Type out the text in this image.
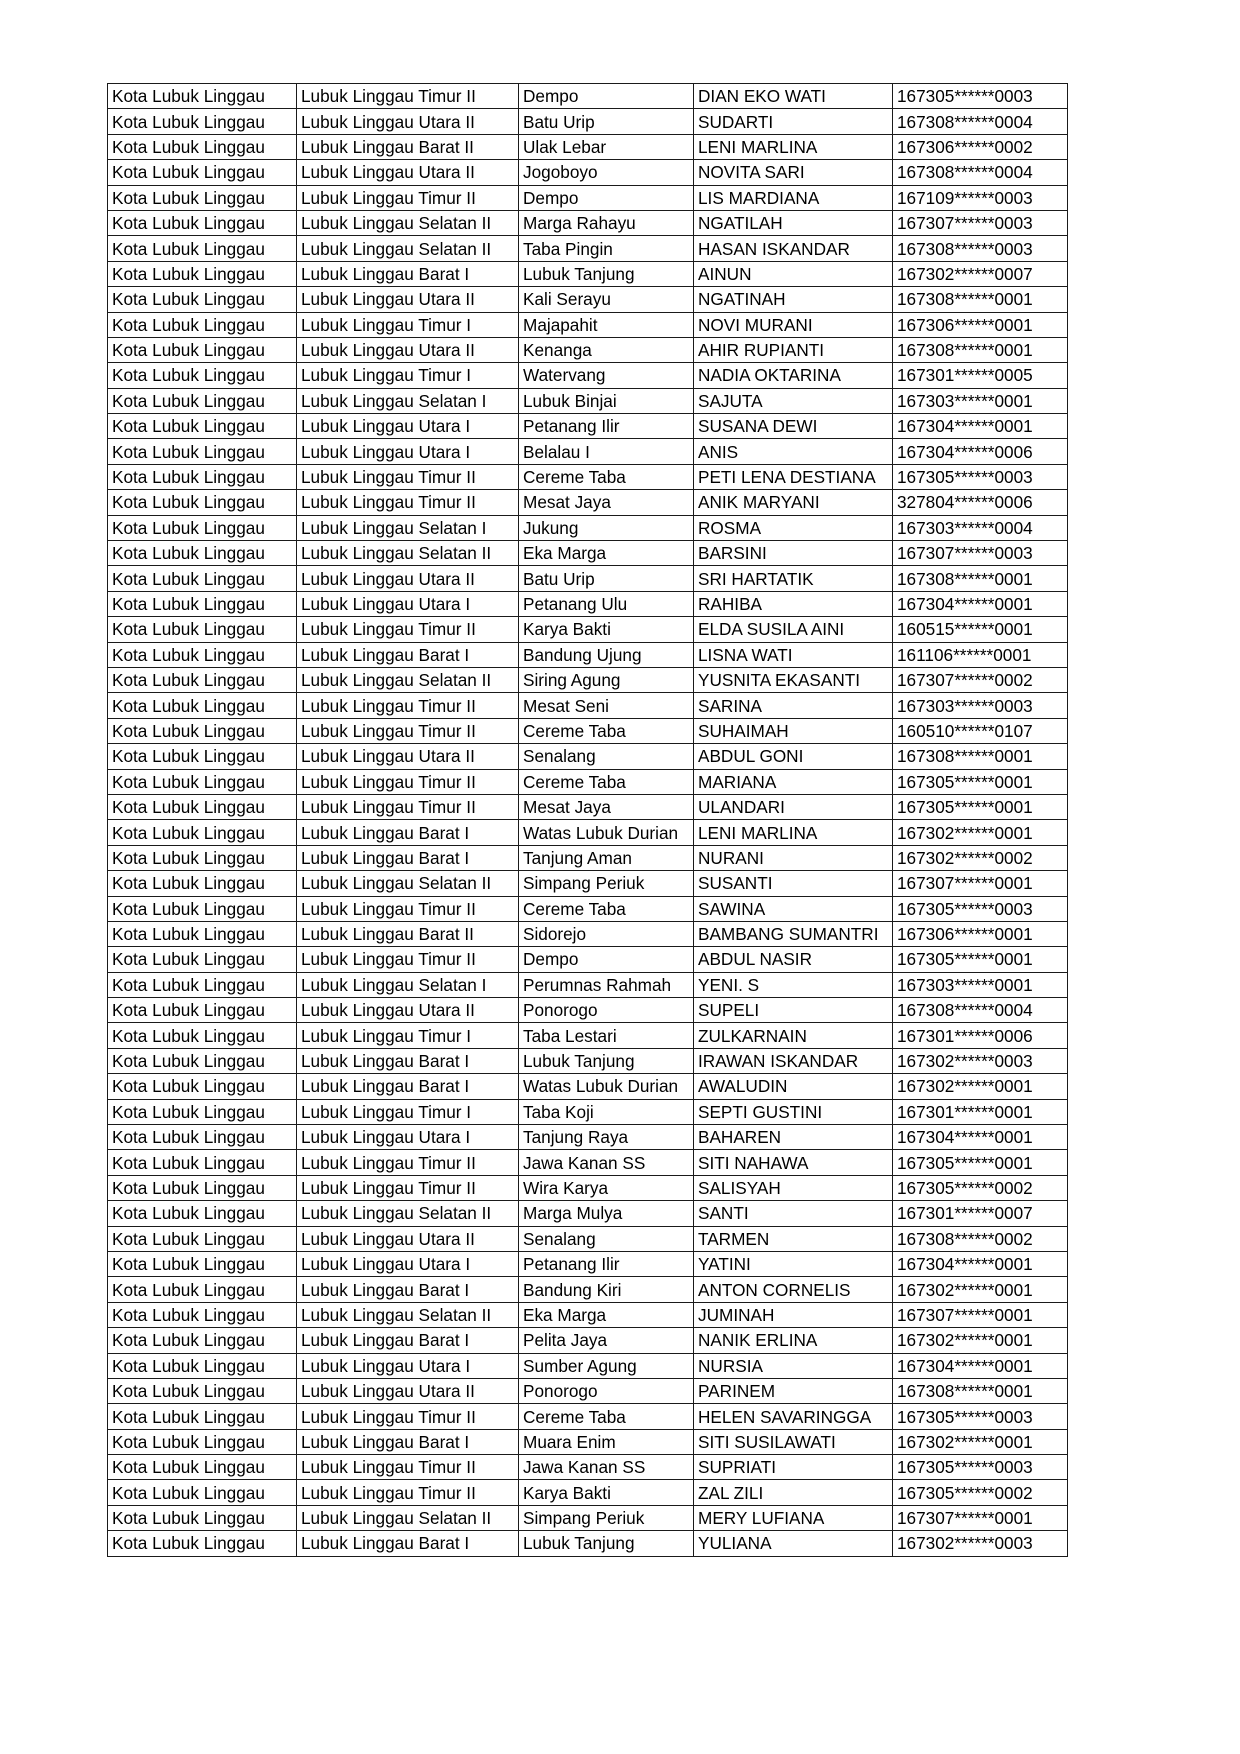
Kota Lubuk Linggau	Lubuk Linggau Timur II	Dempo	DIAN EKO WATI	167305******0003
Kota Lubuk Linggau	Lubuk Linggau Utara II	Batu Urip	SUDARTI	167308******0004
Kota Lubuk Linggau	Lubuk Linggau Barat II	Ulak Lebar	LENI MARLINA	167306******0002
Kota Lubuk Linggau	Lubuk Linggau Utara II	Jogoboyo	NOVITA SARI	167308******0004
Kota Lubuk Linggau	Lubuk Linggau Timur II	Dempo	LIS MARDIANA	167109******0003
Kota Lubuk Linggau	Lubuk Linggau Selatan II	Marga Rahayu	NGATILAH	167307******0003
Kota Lubuk Linggau	Lubuk Linggau Selatan II	Taba Pingin	HASAN ISKANDAR	167308******0003
Kota Lubuk Linggau	Lubuk Linggau Barat I	Lubuk Tanjung	AINUN	167302******0007
Kota Lubuk Linggau	Lubuk Linggau Utara II	Kali Serayu	NGATINAH	167308******0001
Kota Lubuk Linggau	Lubuk Linggau Timur I	Majapahit	NOVI MURANI	167306******0001
Kota Lubuk Linggau	Lubuk Linggau Utara II	Kenanga	AHIR RUPIANTI	167308******0001
Kota Lubuk Linggau	Lubuk Linggau Timur I	Watervang	NADIA OKTARINA	167301******0005
Kota Lubuk Linggau	Lubuk Linggau Selatan I	Lubuk Binjai	SAJUTA	167303******0001
Kota Lubuk Linggau	Lubuk Linggau Utara I	Petanang Ilir	SUSANA DEWI	167304******0001
Kota Lubuk Linggau	Lubuk Linggau Utara I	Belalau I	ANIS	167304******0006
Kota Lubuk Linggau	Lubuk Linggau Timur II	Cereme Taba	PETI LENA DESTIANA	167305******0003
Kota Lubuk Linggau	Lubuk Linggau Timur II	Mesat Jaya	ANIK MARYANI	327804******0006
Kota Lubuk Linggau	Lubuk Linggau Selatan I	Jukung	ROSMA	167303******0004
Kota Lubuk Linggau	Lubuk Linggau Selatan II	Eka Marga	BARSINI	167307******0003
Kota Lubuk Linggau	Lubuk Linggau Utara II	Batu Urip	SRI HARTATIK	167308******0001
Kota Lubuk Linggau	Lubuk Linggau Utara I	Petanang Ulu	RAHIBA	167304******0001
Kota Lubuk Linggau	Lubuk Linggau Timur II	Karya Bakti	ELDA SUSILA AINI	160515******0001
Kota Lubuk Linggau	Lubuk Linggau Barat I	Bandung Ujung	LISNA WATI	161106******0001
Kota Lubuk Linggau	Lubuk Linggau Selatan II	Siring Agung	YUSNITA EKASANTI	167307******0002
Kota Lubuk Linggau	Lubuk Linggau Timur II	Mesat Seni	SARINA	167303******0003
Kota Lubuk Linggau	Lubuk Linggau Timur II	Cereme Taba	SUHAIMAH	160510******0107
Kota Lubuk Linggau	Lubuk Linggau Utara II	Senalang	ABDUL GONI	167308******0001
Kota Lubuk Linggau	Lubuk Linggau Timur II	Cereme Taba	MARIANA	167305******0001
Kota Lubuk Linggau	Lubuk Linggau Timur II	Mesat Jaya	ULANDARI	167305******0001
Kota Lubuk Linggau	Lubuk Linggau Barat I	Watas Lubuk Durian	LENI MARLINA	167302******0001
Kota Lubuk Linggau	Lubuk Linggau Barat I	Tanjung Aman	NURANI	167302******0002
Kota Lubuk Linggau	Lubuk Linggau Selatan II	Simpang Periuk	SUSANTI	167307******0001
Kota Lubuk Linggau	Lubuk Linggau Timur II	Cereme Taba	SAWINA	167305******0003
Kota Lubuk Linggau	Lubuk Linggau Barat II	Sidorejo	BAMBANG SUMANTRI	167306******0001
Kota Lubuk Linggau	Lubuk Linggau Timur II	Dempo	ABDUL NASIR	167305******0001
Kota Lubuk Linggau	Lubuk Linggau Selatan I	Perumnas Rahmah	YENI. S	167303******0001
Kota Lubuk Linggau	Lubuk Linggau Utara II	Ponorogo	SUPELI	167308******0004
Kota Lubuk Linggau	Lubuk Linggau Timur I	Taba Lestari	ZULKARNAIN	167301******0006
Kota Lubuk Linggau	Lubuk Linggau Barat I	Lubuk Tanjung	IRAWAN ISKANDAR	167302******0003
Kota Lubuk Linggau	Lubuk Linggau Barat I	Watas Lubuk Durian	AWALUDIN	167302******0001
Kota Lubuk Linggau	Lubuk Linggau Timur I	Taba Koji	SEPTI GUSTINI	167301******0001
Kota Lubuk Linggau	Lubuk Linggau Utara I	Tanjung Raya	BAHAREN	167304******0001
Kota Lubuk Linggau	Lubuk Linggau Timur II	Jawa Kanan SS	SITI NAHAWA	167305******0001
Kota Lubuk Linggau	Lubuk Linggau Timur II	Wira Karya	SALISYAH	167305******0002
Kota Lubuk Linggau	Lubuk Linggau Selatan II	Marga Mulya	SANTI	167301******0007
Kota Lubuk Linggau	Lubuk Linggau Utara II	Senalang	TARMEN	167308******0002
Kota Lubuk Linggau	Lubuk Linggau Utara I	Petanang Ilir	YATINI	167304******0001
Kota Lubuk Linggau	Lubuk Linggau Barat I	Bandung Kiri	ANTON CORNELIS	167302******0001
Kota Lubuk Linggau	Lubuk Linggau Selatan II	Eka Marga	JUMINAH	167307******0001
Kota Lubuk Linggau	Lubuk Linggau Barat I	Pelita Jaya	NANIK ERLINA	167302******0001
Kota Lubuk Linggau	Lubuk Linggau Utara I	Sumber Agung	NURSIA	167304******0001
Kota Lubuk Linggau	Lubuk Linggau Utara II	Ponorogo	PARINEM	167308******0001
Kota Lubuk Linggau	Lubuk Linggau Timur II	Cereme Taba	HELEN SAVARINGGA	167305******0003
Kota Lubuk Linggau	Lubuk Linggau Barat I	Muara Enim	SITI SUSILAWATI	167302******0001
Kota Lubuk Linggau	Lubuk Linggau Timur II	Jawa Kanan SS	SUPRIATI	167305******0003
Kota Lubuk Linggau	Lubuk Linggau Timur II	Karya Bakti	ZAL ZILI	167305******0002
Kota Lubuk Linggau	Lubuk Linggau Selatan II	Simpang Periuk	MERY LUFIANA	167307******0001
Kota Lubuk Linggau	Lubuk Linggau Barat I	Lubuk Tanjung	YULIANA	167302******0003
